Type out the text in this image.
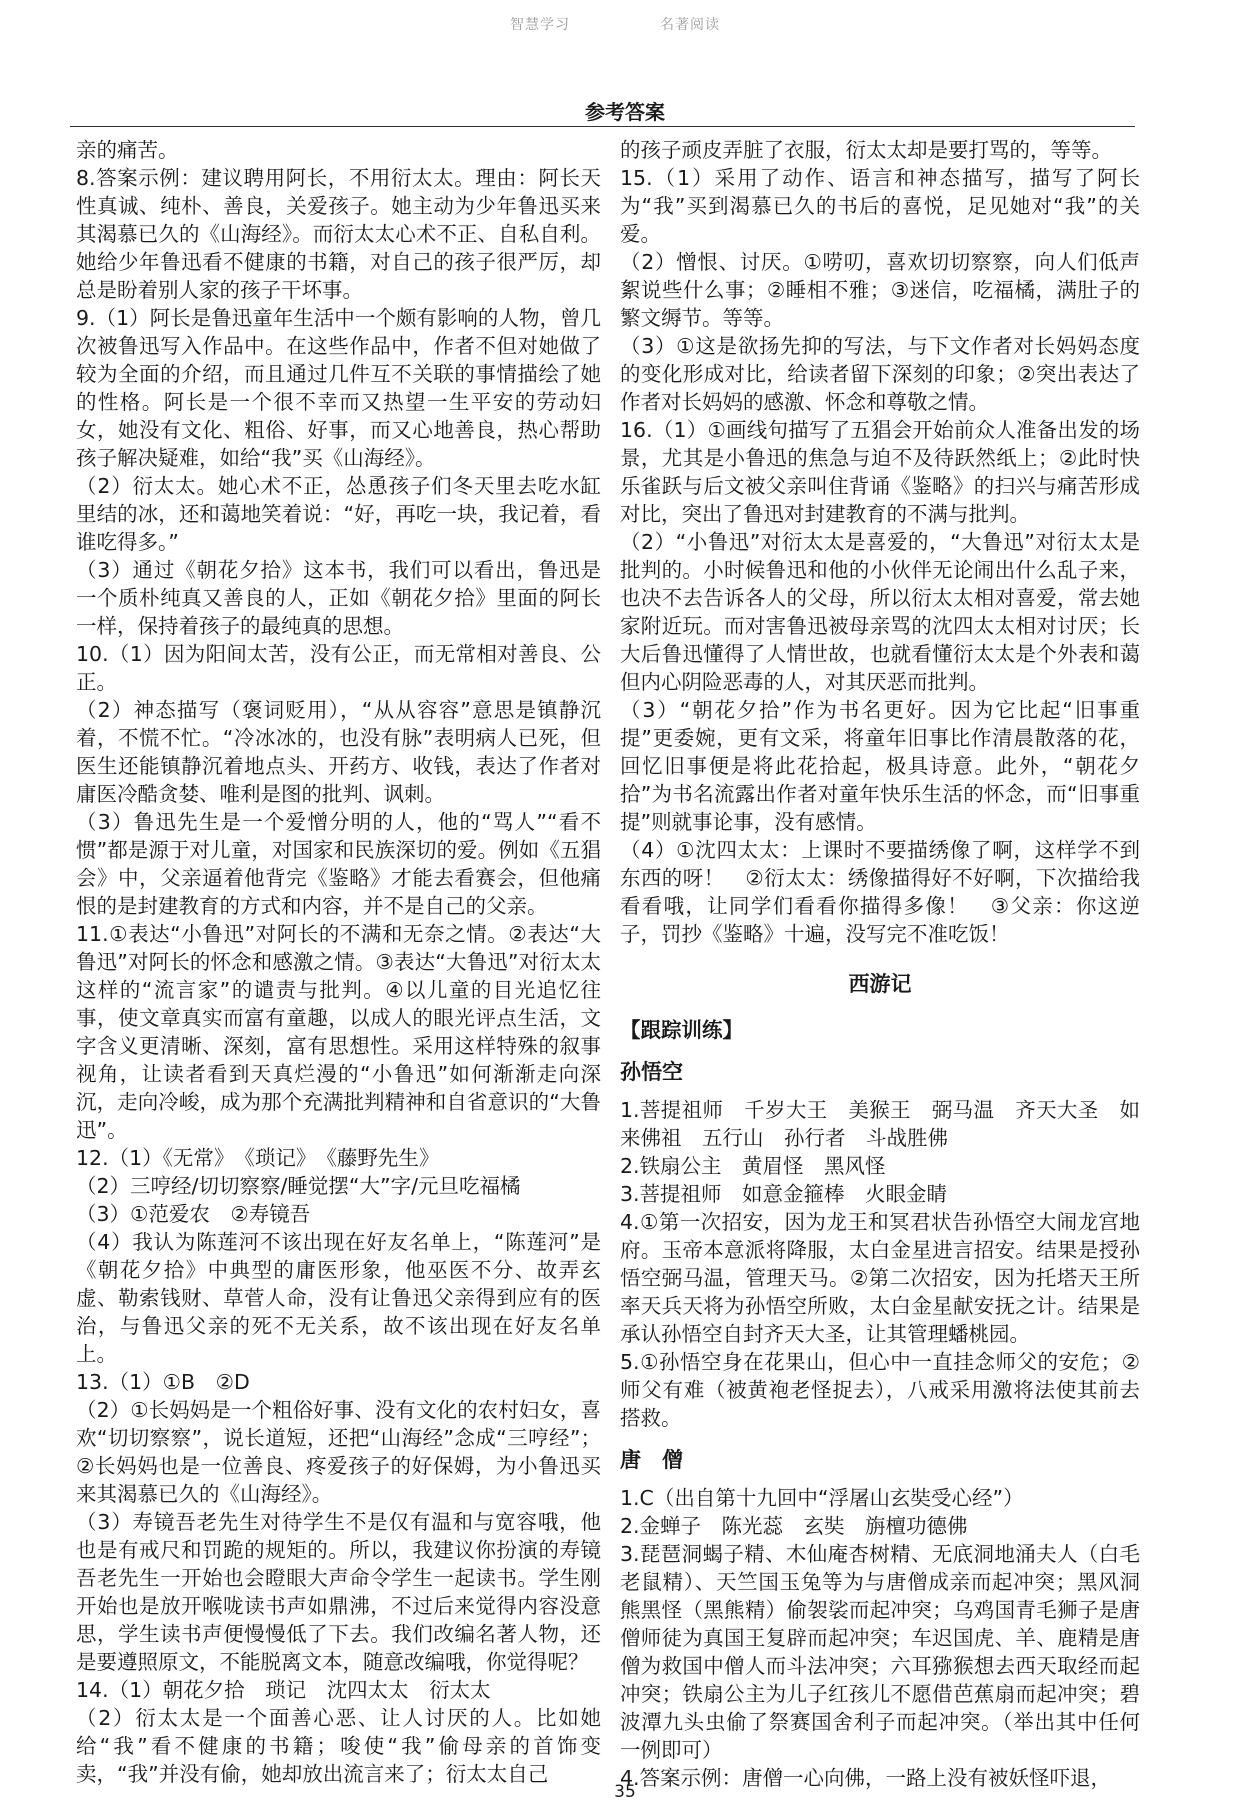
智慧学习	名著阅读
参考答案

亲的痛苦。

8.答案示例：建议聘用阿长，不用衍太太。理由：阿长天性真诚、纯朴、善良，关爱孩子。她主动为少年鲁迅买来其渴慕已久的《山海经》。而衍太太心术不正、自私自利。她给少年鲁迅看不健康的书籍，对自己的孩子很严厉，却总是盼着别人家的孩子干坏事。

9.（1）阿长是鲁迅童年生活中一个颇有影响的人物，曾几次被鲁迅写入作品中。在这些作品中，作者不但对她做了较为全面的介绍，而且通过几件互不关联的事情描绘了她的性格。阿长是一个很不幸而又热望一生平安的劳动妇女，她没有文化、粗俗、好事，而又心地善良，热心帮助孩子解决疑难，如给“我”买《山海经》。

（2）衍太太。她心术不正，怂恿孩子们冬天里去吃水缸里结的冰，还和蔼地笑着说：“好，再吃一块，我记着，看谁吃得多。”

（3）通过《朝花夕拾》这本书，我们可以看出，鲁迅是一个质朴纯真又善良的人，正如《朝花夕拾》里面的阿长一样，保持着孩子的最纯真的思想。

10.（1）因为阳间太苦，没有公正，而无常相对善良、公正。

（2）神态描写（褒词贬用），“从从容容”意思是镇静沉着，不慌不忙。“冷冰冰的，也没有脉”表明病人已死，但医生还能镇静沉着地点头、开药方、收钱，表达了作者对庸医冷酷贪婪、唯利是图的批判、讽刺。

（3）鲁迅先生是一个爱憎分明的人，他的“骂人”“看不惯”都是源于对儿童，对国家和民族深切的爱。例如《五猖会》中，父亲逼着他背完《鉴略》才能去看赛会，但他痛恨的是封建教育的方式和内容，并不是自己的父亲。

11.①表达“小鲁迅”对阿长的不满和无奈之情。②表达“大鲁迅”对阿长的怀念和感激之情。③表达“大鲁迅”对衍太太这样的“流言家”的谴责与批判。④以儿童的目光追忆往事，使文章真实而富有童趣，以成人的眼光评点生活，文字含义更清晰、深刻，富有思想性。采用这样特殊的叙事视角，让读者看到天真烂漫的“小鲁迅”如何渐渐走向深沉，走向冷峻，成为那个充满批判精神和自省意识的“大鲁迅”。

12.（1）《无常》　《琐记》　《藤野先生》

（2）三哼经/切切察察/睡觉摆“大”字/元旦吃福橘

（3）①范爱农　②寿镜吾

（4）我认为陈莲河不该出现在好友名单上，“陈莲河”是《朝花夕拾》中典型的庸医形象，他巫医不分、故弄玄虚、勒索钱财、草菅人命，没有让鲁迅父亲得到应有的医治，与鲁迅父亲的死不无关系，故不该出现在好友名单上。

13.（1）①B　②D

（2）①长妈妈是一个粗俗好事、没有文化的农村妇女，喜欢“切切察察”，说长道短，还把“山海经”念成“三哼经”；②长妈妈也是一位善良、疼爱孩子的好保姆，为小鲁迅买来其渴慕已久的《山海经》。

（3）寿镜吾老先生对待学生不是仅有温和与宽容哦，他也是有戒尺和罚跪的规矩的。所以，我建议你扮演的寿镜吾老先生一开始也会瞪眼大声命令学生一起读书。学生刚开始也是放开喉咙读书声如鼎沸，不过后来觉得内容没意思，学生读书声便慢慢低了下去。我们改编名著人物，还是要遵照原文，不能脱离文本，随意改编哦，你觉得呢？

14.（1）朝花夕拾　琐记　沈四太太　衍太太

（2）衍太太是一个面善心恶、让人讨厌的人。比如她给“我”看不健康的书籍；唆使“我”偷母亲的首饰变卖，“我”并没有偷，她却放出流言来了；衍太太自己

的孩子顽皮弄脏了衣服，衍太太却是要打骂的，等等。

15.（1）采用了动作、语言和神态描写，描写了阿长为“我”买到渴慕已久的书后的喜悦，足见她对“我”的关爱。

（2）憎恨、讨厌。①唠叨，喜欢切切察察，向人们低声絮说些什么事；②睡相不雅；③迷信，吃福橘，满肚子的繁文缛节。等等。

（3）①这是欲扬先抑的写法，与下文作者对长妈妈态度的变化形成对比，给读者留下深刻的印象；②突出表达了作者对长妈妈的感激、怀念和尊敬之情。

16.（1）①画线句描写了五猖会开始前众人准备出发的场景，尤其是小鲁迅的焦急与迫不及待跃然纸上；②此时快乐雀跃与后文被父亲叫住背诵《鉴略》的扫兴与痛苦形成对比，突出了鲁迅对封建教育的不满与批判。

（2）“小鲁迅”对衍太太是喜爱的，“大鲁迅”对衍太太是批判的。小时候鲁迅和他的小伙伴无论闹出什么乱子来，也决不去告诉各人的父母，所以衍太太相对喜爱，常去她家附近玩。而对害鲁迅被母亲骂的沈四太太相对讨厌；长大后鲁迅懂得了人情世故，也就看懂衍太太是个外表和蔼但内心阴险恶毒的人，对其厌恶而批判。

（3）“朝花夕拾”作为书名更好。因为它比起“旧事重提”更委婉，更有文采，将童年旧事比作清晨散落的花，回忆旧事便是将此花拾起，极具诗意。此外，“朝花夕拾”为书名流露出作者对童年快乐生活的怀念，而“旧事重提”则就事论事，没有感情。

（4）①沈四太太：上课时不要描绣像了啊，这样学不到东西的呀！　②衍太太：绣像描得好不好啊，下次描给我看看哦，让同学们看看你描得多像！　③父亲：你这逆子，罚抄《鉴略》十遍，没写完不准吃饭！

西游记

【跟踪训练】

孙悟空

1.菩提祖师　千岁大王　美猴王　弼马温　齐天大圣　如来佛祖　五行山　孙行者　斗战胜佛

2.铁扇公主　黄眉怪　黑风怪

3.菩提祖师　如意金箍棒　火眼金睛

4.①第一次招安，因为龙王和冥君状告孙悟空大闹龙宫地府。玉帝本意派将降服，太白金星进言招安。结果是授孙悟空弼马温，管理天马。②第二次招安，因为托塔天王所率天兵天将为孙悟空所败，太白金星献安抚之计。结果是承认孙悟空自封齐天大圣，让其管理蟠桃园。

5.①孙悟空身在花果山，但心中一直挂念师父的安危；②师父有难（被黄袍老怪捉去），八戒采用激将法使其前去搭救。

唐　僧

1.C（出自第十九回中“浮屠山玄奘受心经”）

2.金蝉子　陈光蕊　玄奘　旃檀功德佛

3.琵琶洞蝎子精、木仙庵杏树精、无底洞地涌夫人（白毛老鼠精）、天竺国玉兔等为与唐僧成亲而起冲突；黑风洞熊黑怪（黑熊精）偷袈裟而起冲突；乌鸡国青毛狮子是唐僧师徒为真国王复辟而起冲突；车迟国虎、羊、鹿精是唐僧为救国中僧人而斗法冲突；六耳猕猴想去西天取经而起冲突；铁扇公主为儿子红孩儿不愿借芭蕉扇而起冲突；碧波潭九头虫偷了祭赛国舍利子而起冲突。（举出其中任何一例即可）

4.答案示例：唐僧一心向佛，一路上没有被妖怪吓退，

35
